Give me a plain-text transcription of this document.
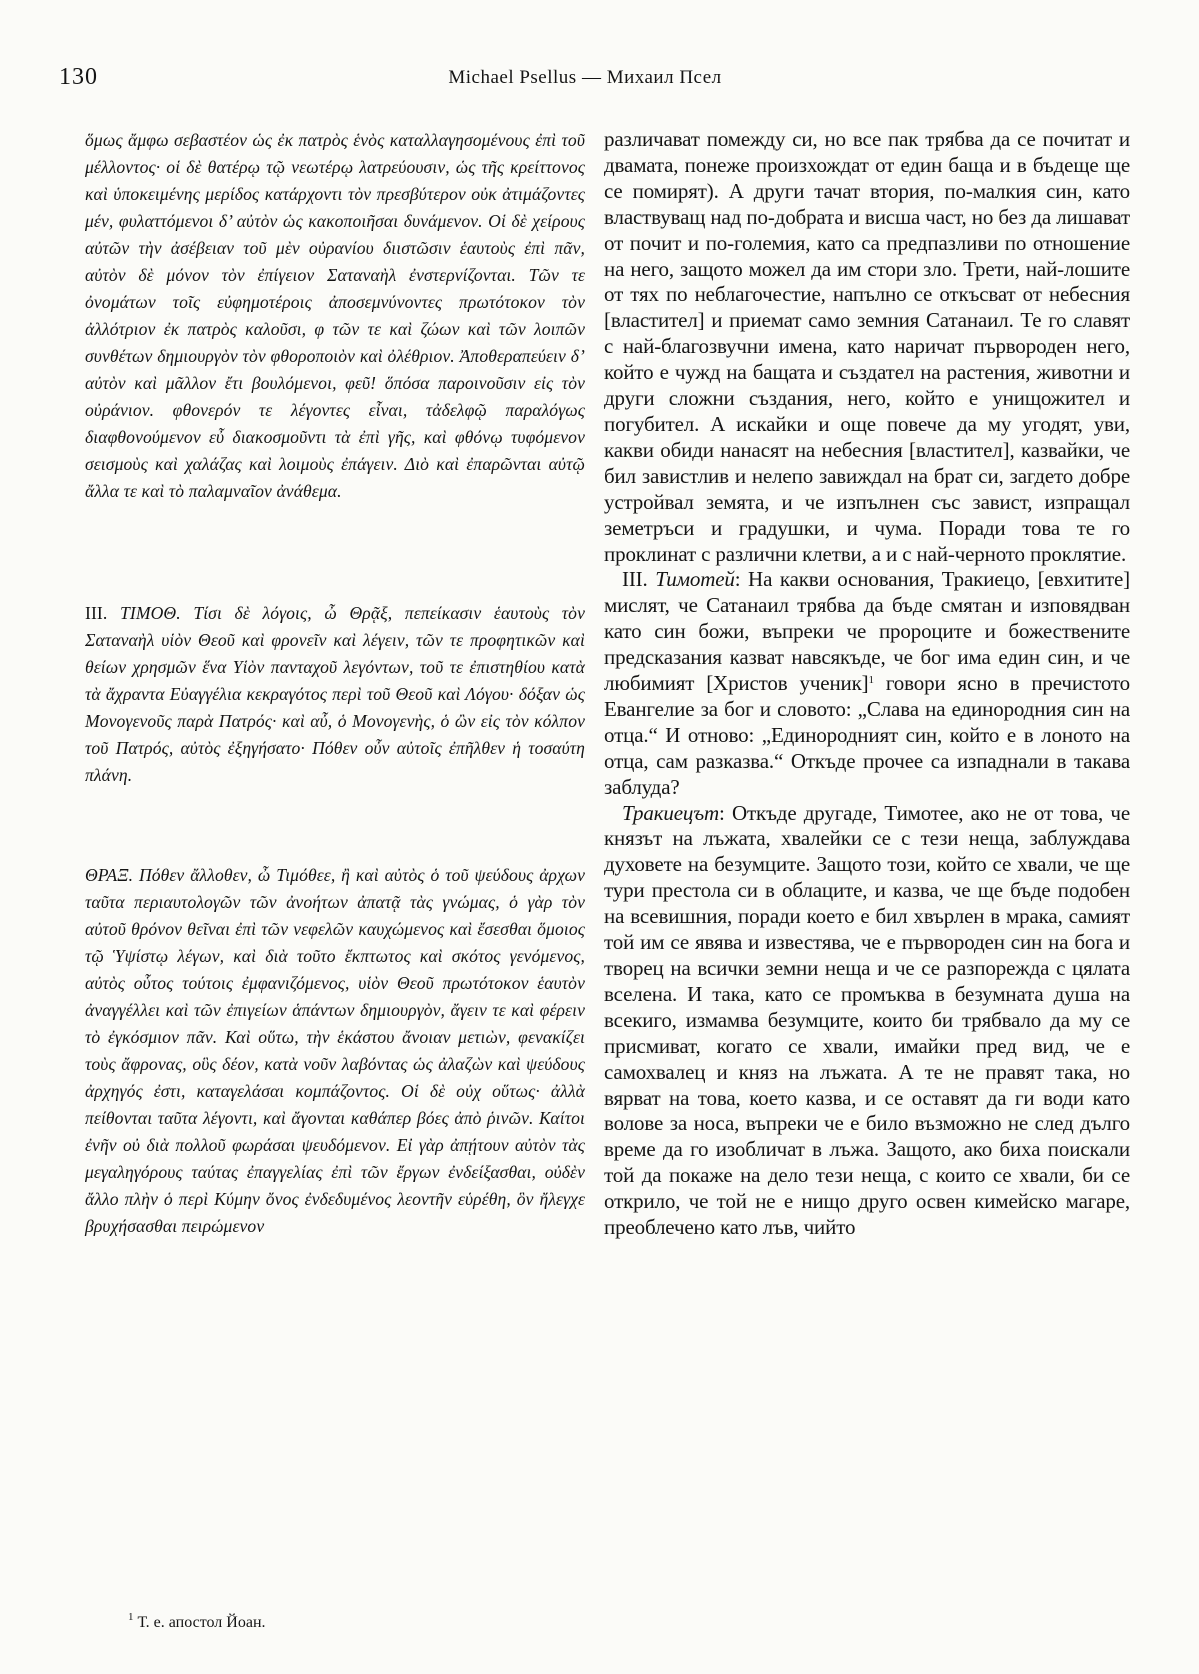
130	Michael Psellus — Михаил Псел

ὅμως ἄμφω σεβαστέον ὡς ἐκ πατρὸς ἑνὸς καταλλαγησομένους ἐπὶ τοῦ μέλλοντος· οἱ δὲ θατέρῳ τῷ νεωτέρῳ λατρεύουσιν, ὡς τῆς κρείττονος καὶ ὑποκειμένης μερίδος κατάρχοντι τὸν πρεσβύτερον οὐκ ἀτιμάζοντες μέν, φυλαττόμενοι δ’ αὐτὸν ὡς κακοποιῆσαι δυνάμενον. Οἱ δὲ χείρους αὐτῶν τὴν ἀσέβειαν τοῦ μὲν οὐρανίου διιστῶσιν ἑαυτοὺς ἐπὶ πᾶν, αὐτὸν δὲ μόνον τὸν ἐπίγειον Σαταναὴλ ἐνστερνίζονται. Τῶν τε ὀνομάτων τοῖς εὐφημοτέροις ἀποσεμνύνοντες πρωτότοκον τὸν ἀλλότριον ἐκ πατρὸς καλοῦσι, φ τῶν τε καὶ ζώων καὶ τῶν λοιπῶν συνθέτων δημιουργὸν τὸν φθοροποιὸν καὶ ὀλέθριον. Ἀποθεραπεύειν δ’ αὐτὸν καὶ μᾶλλον ἔτι βουλόμενοι, φεῦ! ὅπόσα παροινοῦσιν εἰς τὸν οὐράνιον. φθονερόν τε λέγοντες εἶναι, τἀδελφῷ παραλόγως διαφθονούμενον εὖ διακοσμοῦντι τὰ ἐπὶ γῆς, καὶ φθόνῳ τυφόμενον σεισμοὺς καὶ χαλάζας καὶ λοιμοὺς ἐπάγειν. Διὸ καὶ ἐπαρῶνται αὐτῷ ἄλλα τε καὶ τὸ παλαμναῖον ἀνάθεμα.

III. ΤΙΜΟΘ. Τίσι δὲ λόγοις, ὦ Θρᾷξ, πεπείκασιν ἑαυτοὺς τὸν Σαταναὴλ υἱὸν Θεοῦ καὶ φρονεῖν καὶ λέγειν, τῶν τε προφητικῶν καὶ θείων χρησμῶν ἕνα Υἱὸν πανταχοῦ λεγόντων, τοῦ τε ἐπιστηθίου κατὰ τὰ ἄχραντα Εὐαγγέλια κεκραγότος περὶ τοῦ Θεοῦ καὶ Λόγου· δόξαν ὡς Μονογενοῦς παρὰ Πατρός· καὶ αὖ, ὁ Μονογενὴς, ὁ ὢν εἰς τὸν κόλπον τοῦ Πατρός, αὐτὸς ἐξηγήσατο· Πόθεν οὖν αὐτοῖς ἐπῆλθεν ἡ τοσαύτη πλάνη.

ΘΡΑΞ. Πόθεν ἄλλοθεν, ὦ Τιμόθεε, ἢ καὶ αὐτὸς ὁ τοῦ ψεύδους ἀρχων ταῦτα περιαυτολογῶν τῶν ἀνοήτων ἀπατᾷ τὰς γνώμας, ὁ γὰρ τὸν αὐτοῦ θρόνον θεῖναι ἐπὶ τῶν νεφελῶν καυχώμενος καὶ ἔσεσθαι ὅμοιος τῷ Ὑψίστῳ λέγων, καὶ διὰ τοῦτο ἔκπτωτος καὶ σκότος γενόμενος, αὐτὸς οὗτος τούτοις ἐμφανιζόμενος, υἱὸν Θεοῦ πρωτότοκον ἑαυτὸν ἀναγγέλλει καὶ τῶν ἐπιγείων ἁπάντων δημιουργὸν, ἄγειν τε καὶ φέρειν τὸ ἐγκόσμιον πᾶν. Καὶ οὕτω, τὴν ἑκάστου ἄνοιαν μετιὼν, φενακίζει τοὺς ἄφρονας, οὓς δέον, κατὰ νοῦν λαβόντας ὡς ἀλαζὼν καὶ ψεύδους ἀρχηγός ἐστι, καταγελάσαι κομπάζοντος. Οἱ δὲ οὐχ οὕτως· ἀλλὰ πείθονται ταῦτα λέγοντι, καὶ ἄγονται καθάπερ βόες ἀπὸ ῥινῶν. Καίτοι ἐνῆν οὐ διὰ πολλοῦ φωράσαι ψευδόμενον. Εἰ γὰρ ἀπῄτουν αὐτὸν τὰς μεγαληγόρους ταύτας ἐπαγγελίας ἐπὶ τῶν ἔργων ἐνδείξασθαι, οὐδὲν ἄλλο πλὴν ὁ περὶ Κύμην ὄνος ἐνδεδυμένος λεοντῆν εὑρέθη, ὃν ἤλεγχε βρυχήσασθαι πειρώμενον

различават помежду си, но все пак трябва да се почитат и двамата, понеже произхождат от един баща и в бъдеще ще се помирят). А други тачат втория, по-малкия син, като властвуващ над по-добрата и висша част, но без да лишават от почит и по-големия, като са предпазливи по отношение на него, защото можел да им стори зло. Трети, най-лошите от тях по неблагочестие, напълно се откъсват от небесния [властител] и приемат само земния Сатанаил. Те го славят с най-благозвучни имена, като наричат първороден него, който е чужд на бащата и създател на растения, животни и други сложни създания, него, който е унищожител и погубител. А искайки и още повече да му угодят, уви, какви обиди нанасят на небесния [властител], казвайки, че бил завистлив и нелепо завиждал на брат си, загдето добре устройвал земята, и че изпълнен със завист, изпращал земетръси и градушки, и чума. Поради това те го проклинат с различни клетви, а и с най-черното проклятие.

III. Тимотей: На какви основания, Тракиецо, [евхитите] мислят, че Сатанаил трябва да бъде смятан и изповядван като син божи, въпреки че пророците и божествените предсказания казват навсякъде, че бог има един син, и че любимият [Христов ученик]$^1$ говори ясно в пречистото Евангелие за бог и словото: „Слава на единородния син на отца.“ И отново: „Единородният син, който е в лоното на отца, сам разказва.“ Откъде прочее са изпаднали в такава заблуда?

Тракиецът: Откъде другаде, Тимотее, ако не от това, че князът на лъжата, хвалейки се с тези неща, заблуждава духовете на безумците. Защото този, който се хвали, че ще тури престола си в облаците, и казва, че ще бъде подобен на всевишния, поради което е бил хвърлен в мрака, самият той им се явява и известява, че е първороден син на бога и творец на всички земни неща и че се разпорежда с цялата вселена. И така, като се промъква в безумната душа на всекиго, измамва безумците, които би трябвало да му се присмиват, когато се хвали, имайки пред вид, че е самохвалец и княз на лъжата. А те не правят така, но вярват на това, което казва, и се оставят да ги води като волове за носа, въпреки че е било възможно не след дълго време да го изобличат в лъжа. Защото, ако биха поискали той да покаже на дело тези неща, с които се хвали, би се открило, че той не е нищо друго освен кимейско магаре, преоблечено като лъв, чийто

$^1$ Т. е. апостол Йоан.
